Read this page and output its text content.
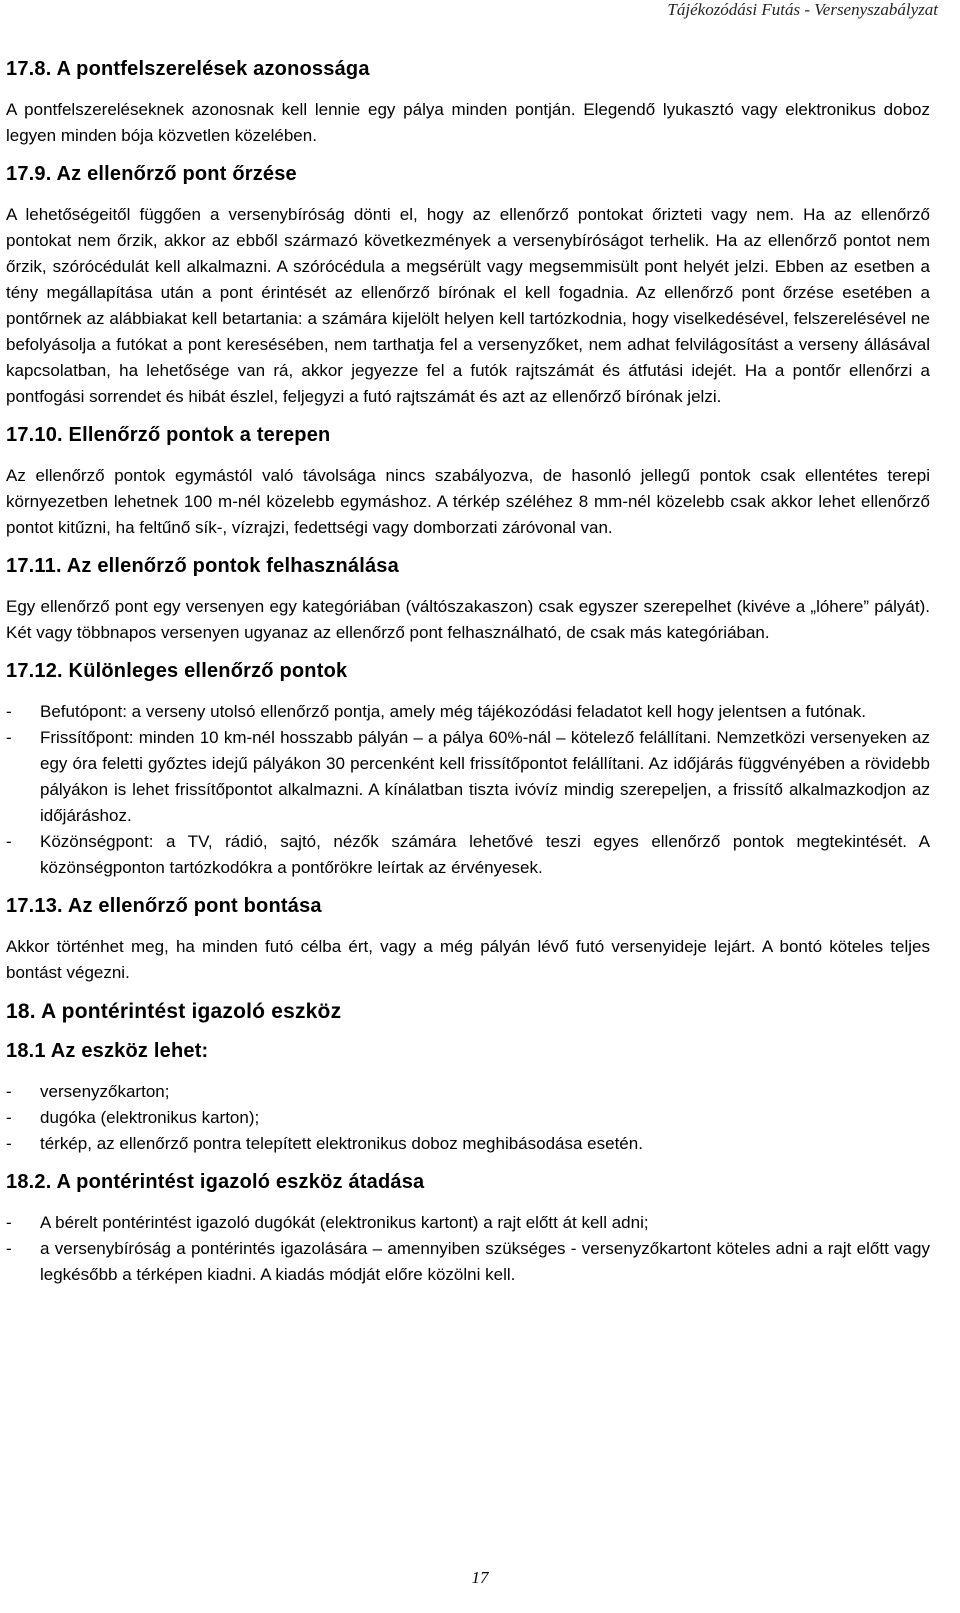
Tájékozódási Futás - Versenyszabályzat
17.8. A pontfelszerelések azonossága

A pontfelszereléseknek azonosnak kell lennie egy pálya minden pontján. Elegendő lyukasztó vagy elektronikus doboz legyen minden bója közvetlen közelében.

17.9. Az ellenőrző pont őrzése

A lehetőségeitől függően a versenybíróság dönti el, hogy az ellenőrző pontokat őrizteti vagy nem. Ha az ellenőrző pontokat nem őrzik, akkor az ebből származó következmények a versenybíróságot terhelik. Ha az ellenőrző pontot nem őrzik, szórócédulát kell alkalmazni. A szórócédula a megsérült vagy megsemmisült pont helyét jelzi. Ebben az esetben a tény megállapítása után a pont érintését az ellenőrző bírónak el kell fogadnia. Az ellenőrző pont őrzése esetében a pontőrnek az alábbiakat kell betartania: a számára kijelölt helyen kell tartózkodnia, hogy viselkedésével, felszerelésével ne befolyásolja a futókat a pont keresésében, nem tarthatja fel a versenyzőket, nem adhat felvilágosítást a verseny állásával kapcsolatban, ha lehetősége van rá, akkor jegyezze fel a futók rajtszámát és átfutási idejét. Ha a pontőr ellenőrzi a pontfogási sorrendet és hibát észlel, feljegyzi a futó rajtszámát és azt az ellenőrző bírónak jelzi.

17.10. Ellenőrző pontok a terepen

Az ellenőrző pontok egymástól való távolsága nincs szabályozva, de hasonló jellegű pontok csak ellentétes terepi környezetben lehetnek 100 m-nél közelebb egymáshoz. A térkép széléhez 8 mm-nél közelebb csak akkor lehet ellenőrző pontot kitűzni, ha feltűnő sík-, vízrajzi, fedettségi vagy domborzati záróvonal van.

17.11. Az ellenőrző pontok felhasználása

Egy ellenőrző pont egy versenyen egy kategóriában (váltószakaszon) csak egyszer szerepelhet (kivéve a „lóhere” pályát). Két vagy többnapos versenyen ugyanaz az ellenőrző pont felhasználható, de csak más kategóriában.

17.12. Különleges ellenőrző pontok
- Befutópont: a verseny utolsó ellenőrző pontja, amely még tájékozódási feladatot kell hogy jelentsen a futónak.
- Frissítőpont: minden 10 km-nél hosszabb pályán – a pálya 60%-nál – kötelező felállítani. Nemzetközi versenyeken az egy óra feletti győztes idejű pályákon 30 percenként kell frissítőpontot felállítani. Az időjárás függvényében a rövidebb pályákon is lehet frissítőpontot alkalmazni. A kínálatban tiszta ivóvíz mindig szerepeljen, a frissítő alkalmazkodjon az időjáráshoz.
- Közönségpont: a TV, rádió, sajtó, nézők számára lehetővé teszi egyes ellenőrző pontok megtekintését. A közönségponton tartózkodókra a pontőrökre leírtak az érvényesek.
17.13. Az ellenőrző pont bontása

Akkor történhet meg, ha minden futó célba ért, vagy a még pályán lévő futó versenyideje lejárt. A bontó köteles teljes bontást végezni.

18. A pontérintést igazoló eszköz
18.1 Az eszköz lehet:
- versenyzőkarton;
- dugóka (elektronikus karton);
- térkép, az ellenőrző pontra telepített elektronikus doboz meghibásodása esetén.
18.2. A pontérintést igazoló eszköz átadása
- A bérelt pontérintést igazoló dugókát (elektronikus kartont) a rajt előtt át kell adni;
- a versenybíróság a pontérintés igazolására – amennyiben szükséges - versenyzőkartont köteles adni a rajt előtt vagy legkésőbb a térképen kiadni. A kiadás módját előre közölni kell.
17
